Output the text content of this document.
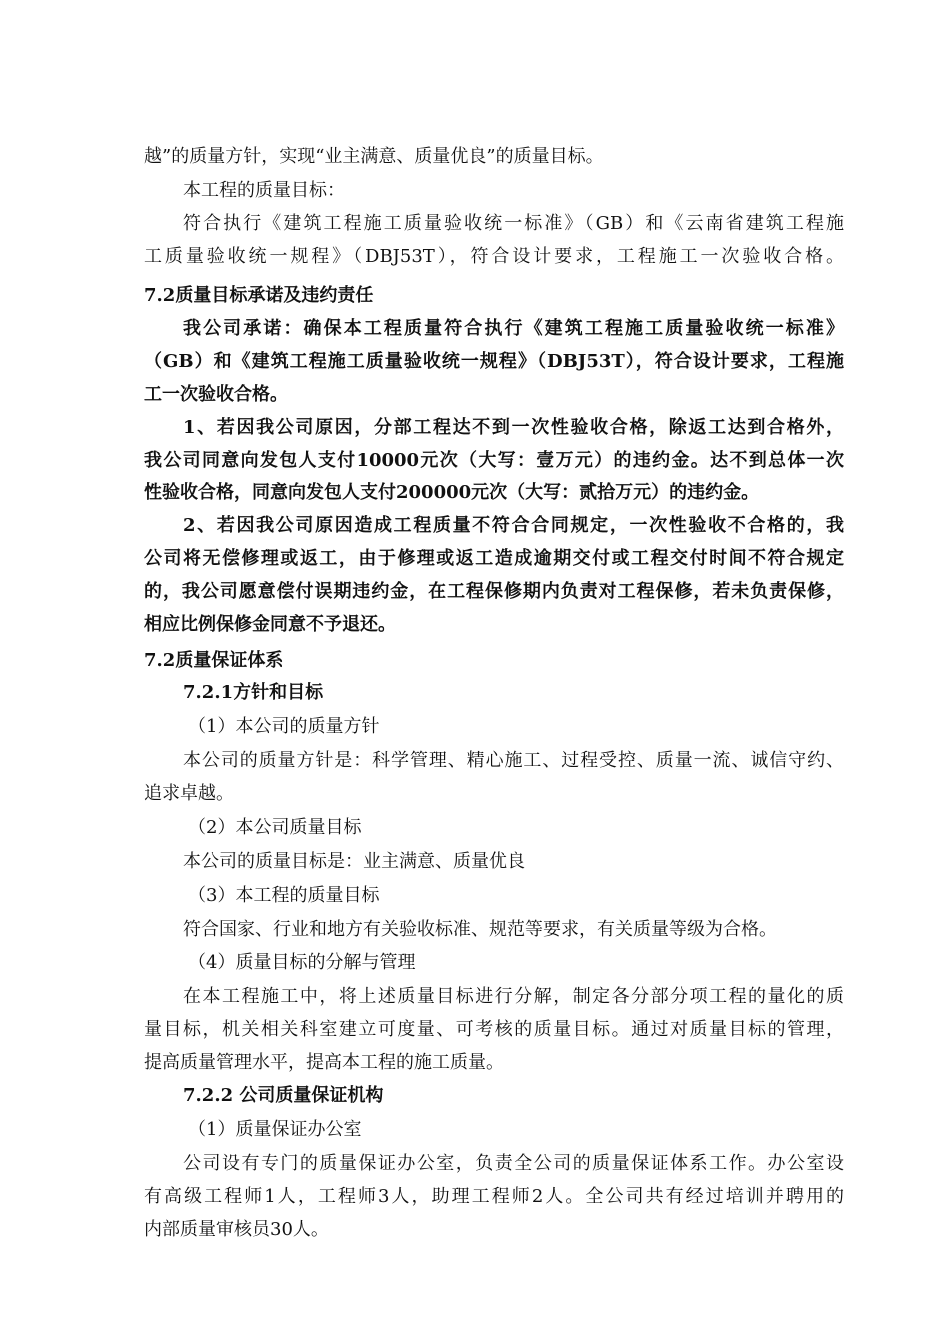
越”的质量方针，实现“业主满意、质量优良”的质量目标。
本工程的质量目标：
符合执行《建筑工程施工质量验收统一标准》（GB）和《云南省建筑工程施
工质量验收统一规程》（DBJ53T），符合设计要求，工程施工一次验收合格。
7.2质量目标承诺及违约责任
我公司承诺：确保本工程质量符合执行《建筑工程施工质量验收统一标准》
（GB）和《建筑工程施工质量验收统一规程》（DBJ53T），符合设计要求，工程施
工一次验收合格。
1、若因我公司原因，分部工程达不到一次性验收合格，除返工达到合格外，
我公司同意向发包人支付10000元次（大写：壹万元）的违约金。达不到总体一次
性验收合格，同意向发包人支付200000元次（大写：贰拾万元）的违约金。
2、若因我公司原因造成工程质量不符合合同规定，一次性验收不合格的，我
公司将无偿修理或返工，由于修理或返工造成逾期交付或工程交付时间不符合规定
的，我公司愿意偿付误期违约金，在工程保修期内负责对工程保修，若未负责保修，
相应比例保修金同意不予退还。
7.2质量保证体系
7.2.1方针和目标
（1）本公司的质量方针
本公司的质量方针是：科学管理、精心施工、过程受控、质量一流、诚信守约、
追求卓越。
（2）本公司质量目标
本公司的质量目标是：业主满意、质量优良
（3）本工程的质量目标
符合国家、行业和地方有关验收标准、规范等要求，有关质量等级为合格。
（4）质量目标的分解与管理
在本工程施工中，将上述质量目标进行分解，制定各分部分项工程的量化的质
量目标，机关相关科室建立可度量、可考核的质量目标。通过对质量目标的管理，
提高质量管理水平，提高本工程的施工质量。
7.2.2 公司质量保证机构
（1）质量保证办公室
公司设有专门的质量保证办公室，负责全公司的质量保证体系工作。办公室设
有高级工程师1人，工程师3人，助理工程师2人。全公司共有经过培训并聘用的
内部质量审核员30人。
